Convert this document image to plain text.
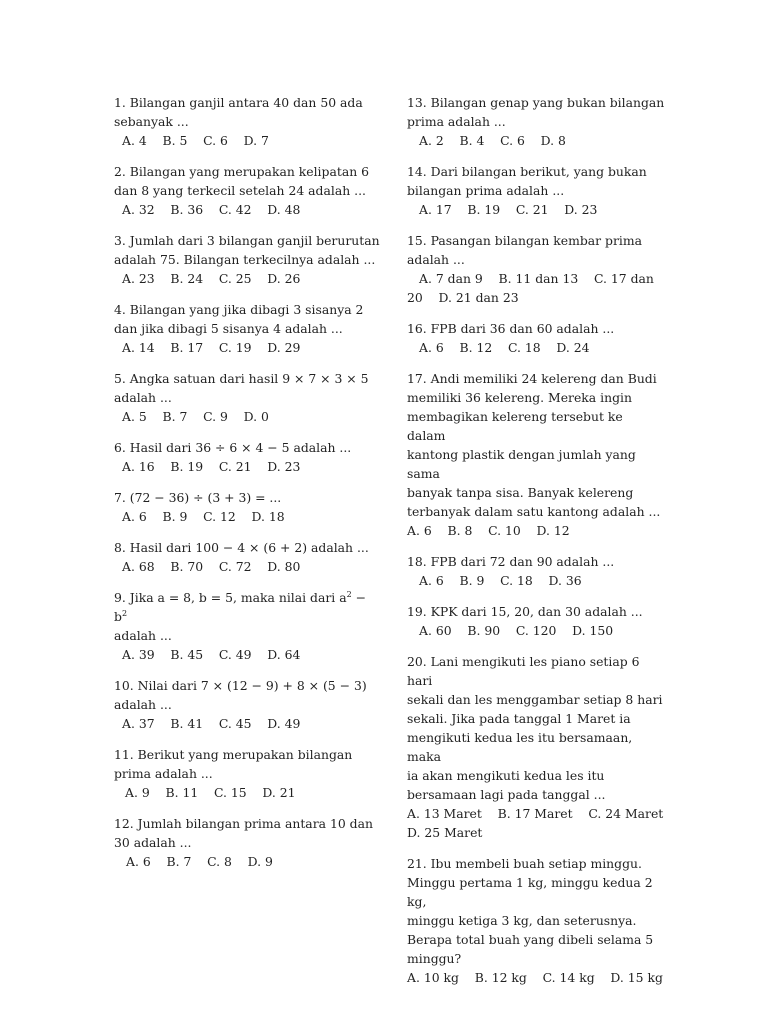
1. Bilangan ganjil antara 40 dan 50 ada
sebanyak ...
A. 4    B. 5    C. 6    D. 7
2. Bilangan yang merupakan kelipatan 6
dan 8 yang terkecil setelah 24 adalah ...
A. 32    B. 36    C. 42    D. 48
3. Jumlah dari 3 bilangan ganjil berurutan
adalah 75. Bilangan terkecilnya adalah ...
A. 23    B. 24    C. 25    D. 26
4. Bilangan yang jika dibagi 3 sisanya 2
dan jika dibagi 5 sisanya 4 adalah ...
A. 14    B. 17    C. 19    D. 29
5. Angka satuan dari hasil 9 × 7 × 3 × 5
adalah ...
A. 5    B. 7    C. 9    D. 0
6. Hasil dari 36 ÷ 6 × 4 − 5 adalah ...
A. 16    B. 19    C. 21    D. 23
7. (72 − 36) ÷ (3 + 3) = ...
A. 6    B. 9    C. 12    D. 18
8. Hasil dari 100 − 4 × (6 + 2) adalah ...
A. 68    B. 70    C. 72    D. 80
9. Jika a = 8, b = 5, maka nilai dari $a^2 - b^2$
adalah ...
A. 39    B. 45    C. 49    D. 64
10. Nilai dari 7 × (12 − 9) + 8 × (5 − 3)
adalah ...
A. 37    B. 41    C. 45    D. 49
11. Berikut yang merupakan bilangan
prima adalah ...
A. 9    B. 11    C. 15    D. 21
12. Jumlah bilangan prima antara 10 dan
30 adalah ...
A. 6    B. 7    C. 8    D. 9
13. Bilangan genap yang bukan bilangan
prima adalah ...
A. 2    B. 4    C. 6    D. 8
14. Dari bilangan berikut, yang bukan
bilangan prima adalah ...
A. 17    B. 19    C. 21    D. 23
15. Pasangan bilangan kembar prima
adalah ...
A. 7 dan 9    B. 11 dan 13    C. 17 dan
20    D. 21 dan 23
16. FPB dari 36 dan 60 adalah ...
A. 6    B. 12    C. 18    D. 24
17. Andi memiliki 24 kelereng dan Budi
memiliki 36 kelereng. Mereka ingin
membagikan kelereng tersebut ke dalam
kantong plastik dengan jumlah yang sama
banyak tanpa sisa. Banyak kelereng
terbanyak dalam satu kantong adalah ...
A. 6    B. 8    C. 10    D. 12
18. FPB dari 72 dan 90 adalah ...
A. 6    B. 9    C. 18    D. 36
19. KPK dari 15, 20, dan 30 adalah ...
A. 60    B. 90    C. 120    D. 150
20. Lani mengikuti les piano setiap 6 hari
sekali dan les menggambar setiap 8 hari
sekali. Jika pada tanggal 1 Maret ia
mengikuti kedua les itu bersamaan, maka
ia akan mengikuti kedua les itu
bersamaan lagi pada tanggal ...
A. 13 Maret    B. 17 Maret    C. 24 Maret
D. 25 Maret
21. Ibu membeli buah setiap minggu.
Minggu pertama 1 kg, minggu kedua 2 kg,
minggu ketiga 3 kg, dan seterusnya.
Berapa total buah yang dibeli selama 5
minggu?
A. 10 kg    B. 12 kg    C. 14 kg    D. 15 kg
